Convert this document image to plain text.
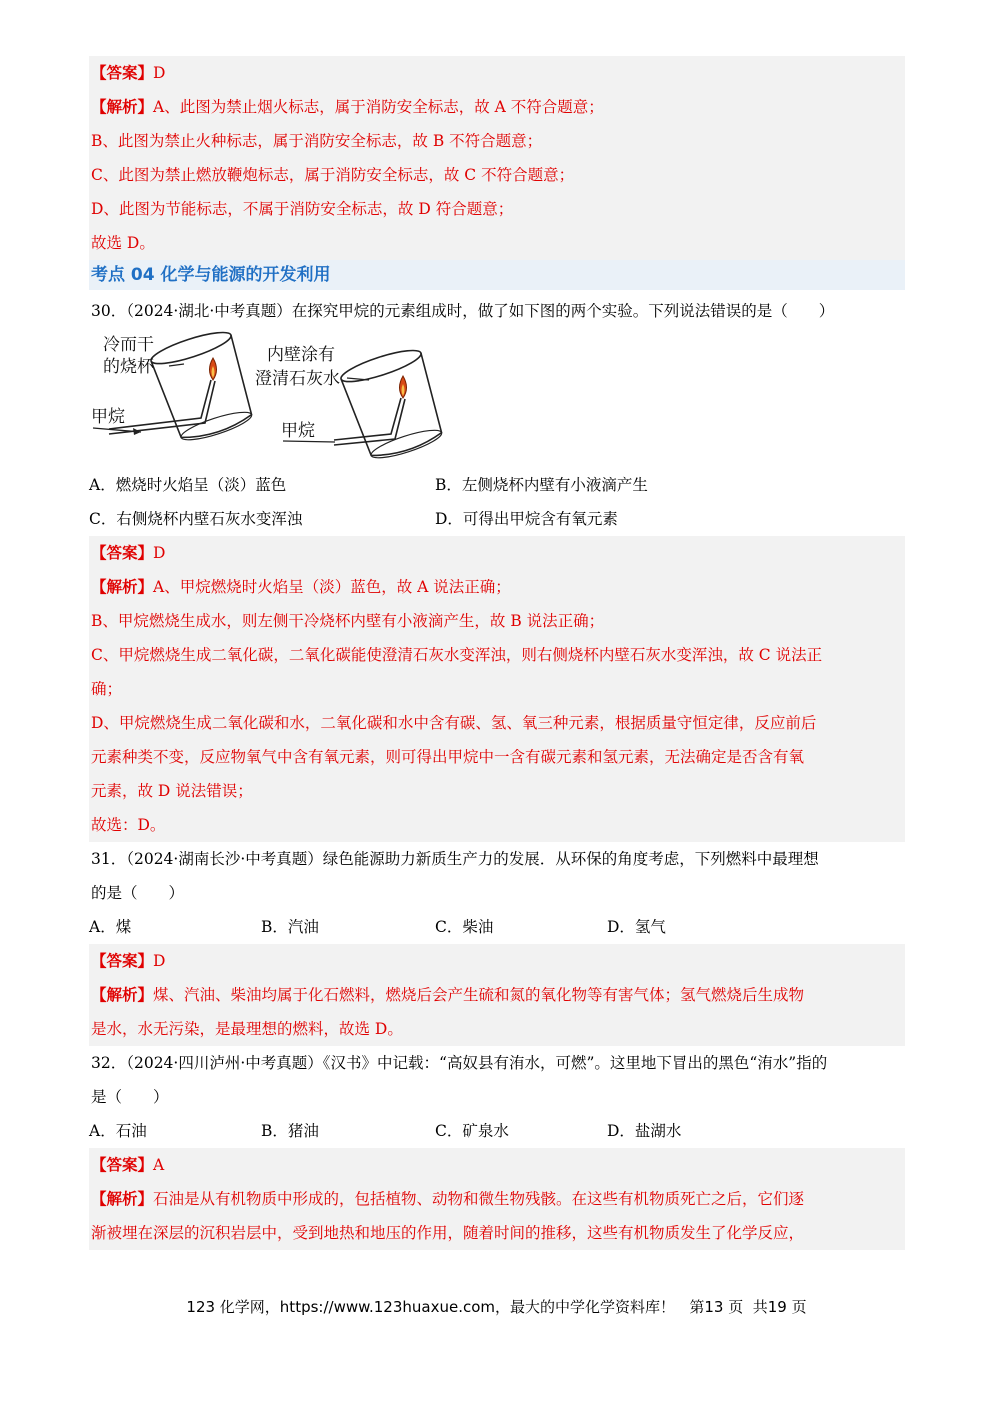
【答案】D
【解析】A、此图为禁止烟火标志，属于消防安全标志，故 A 不符合题意；
B、此图为禁止火种标志，属于消防安全标志，故 B 不符合题意；
C、此图为禁止燃放鞭炮标志，属于消防安全标志，故 C 不符合题意；
D、此图为节能标志，不属于消防安全标志，故 D 符合题意；
故选 D。
考点 04 化学与能源的开发利用
30．（2024·湖北·中考真题）在探究甲烷的元素组成时，做了如下图的两个实验。下列说法错误的是（　　）
冷而干
的烧杯
甲烷
内壁涂有
澄清石灰水
甲烷
A．燃烧时火焰呈（淡）蓝色	B．左侧烧杯内壁有小液滴产生
C．右侧烧杯内壁石灰水变浑浊	D．可得出甲烷含有氧元素
【答案】D
【解析】A、甲烷燃烧时火焰呈（淡）蓝色，故 A 说法正确；
B、甲烷燃烧生成水，则左侧干冷烧杯内壁有小液滴产生，故 B 说法正确；
C、甲烷燃烧生成二氧化碳，二氧化碳能使澄清石灰水变浑浊，则右侧烧杯内壁石灰水变浑浊，故 C 说法正
确；
D、甲烷燃烧生成二氧化碳和水，二氧化碳和水中含有碳、氢、氧三种元素，根据质量守恒定律，反应前后
元素种类不变，反应物氧气中含有氧元素，则可得出甲烷中一含有碳元素和氢元素，无法确定是否含有氧
元素，故 D 说法错误；
故选：D。
31．（2024·湖南长沙·中考真题）绿色能源助力新质生产力的发展．从环保的角度考虑，下列燃料中最理想
的是（　　）
A．煤	B．汽油	C．柴油	D．氢气
【答案】D
【解析】煤、汽油、柴油均属于化石燃料，燃烧后会产生硫和氮的氧化物等有害气体；氢气燃烧后生成物
是水，水无污染，是最理想的燃料，故选 D。
32．（2024·四川泸州·中考真题）《汉书》中记载：“高奴县有洧水，可燃”。这里地下冒出的黑色“洧水”指的
是（　　）
A．石油	B．猪油	C．矿泉水	D．盐湖水
【答案】A
【解析】石油是从有机物质中形成的，包括植物、动物和微生物残骸。在这些有机物质死亡之后，它们逐
渐被埋在深层的沉积岩层中，受到地热和地压的作用，随着时间的推移，这些有机物质发生了化学反应，
123 化学网，https://www.123huaxue.com，最大的中学化学资料库！ 第13 页  共19 页
